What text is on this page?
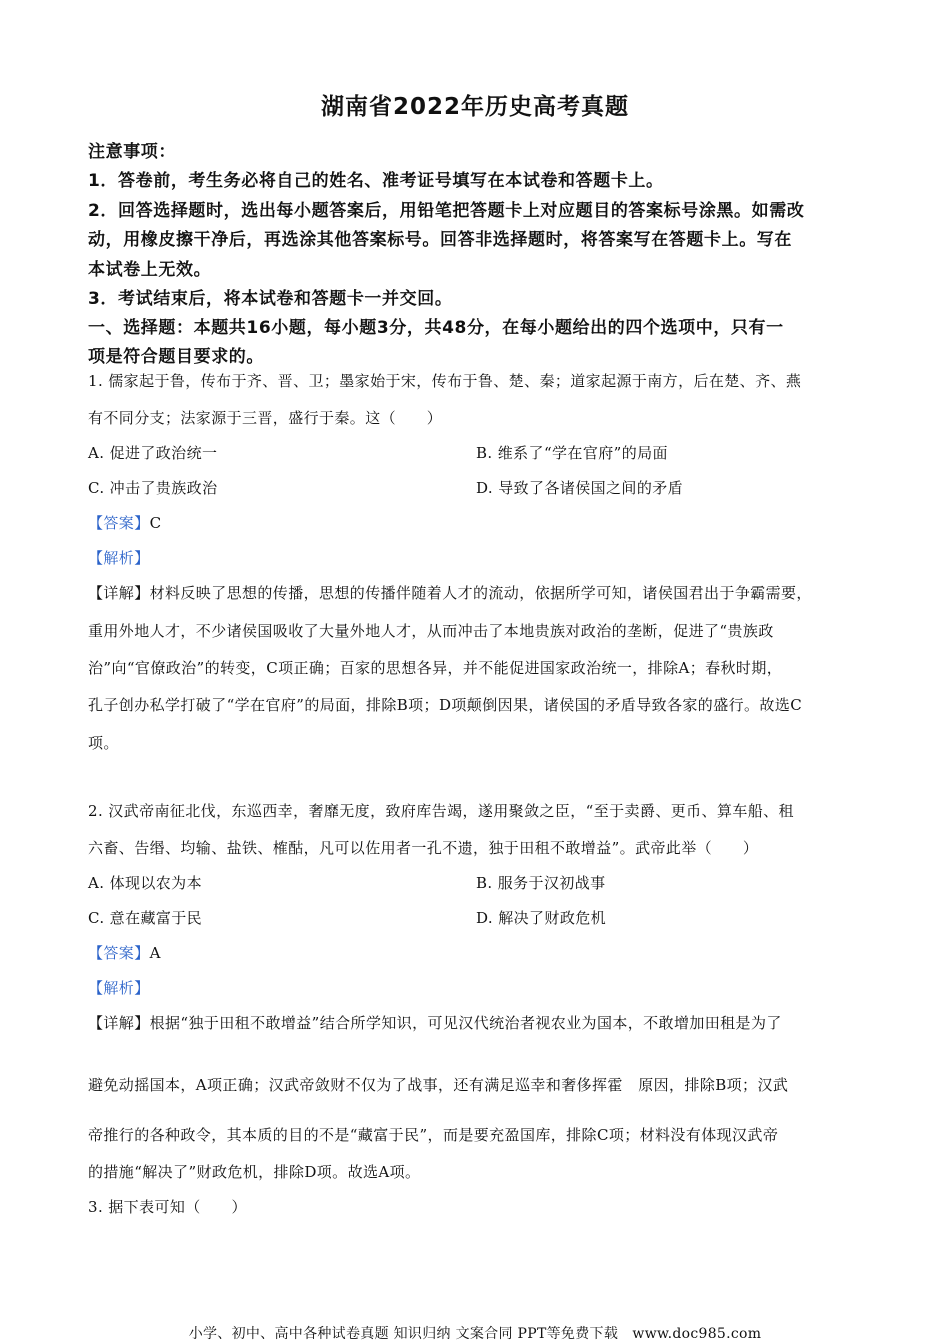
湖南省2022年历史高考真题
注意事项：
1．答卷前，考生务必将自己的姓名、准考证号填写在本试卷和答题卡上。
2．回答选择题时，选出每小题答案后，用铅笔把答题卡上对应题目的答案标号涂黑。如需改
动，用橡皮擦干净后，再选涂其他答案标号。回答非选择题时，将答案写在答题卡上。写在
本试卷上无效。
3．考试结束后，将本试卷和答题卡一并交回。
一、选择题：本题共16小题，每小题3分，共48分，在每小题给出的四个选项中，只有一
项是符合题目要求的。
1. 儒家起于鲁，传布于齐、晋、卫；墨家始于宋，传布于鲁、楚、秦；道家起源于南方，后在楚、齐、燕
有不同分支；法家源于三晋，盛行于秦。这（　　）
A. 促进了政治统一	B. 维系了“学在官府”的局面
C. 冲击了贵族政治	D. 导致了各诸侯国之间的矛盾
【答案】C
【解析】
【详解】材料反映了思想的传播，思想的传播伴随着人才的流动，依据所学可知，诸侯国君出于争霸需要，
重用外地人才，不少诸侯国吸收了大量外地人才，从而冲击了本地贵族对政治的垄断，促进了“贵族政
治”向“官僚政治”的转变，C项正确；百家的思想各异，并不能促进国家政治统一，排除A；春秋时期，
孔子创办私学打破了“学在官府”的局面，排除B项；D项颠倒因果，诸侯国的矛盾导致各家的盛行。故选C
项。
2. 汉武帝南征北伐，东巡西幸，奢靡无度，致府库告竭，遂用聚敛之臣，“至于卖爵、更币、算车船、租
六畜、告缗、均输、盐铁、榷酤，凡可以佐用者一孔不遗，独于田租不敢增益”。武帝此举（　　）
A. 体现以农为本	B. 服务于汉初战事
C. 意在藏富于民	D. 解决了财政危机
【答案】A
【解析】
【详解】根据“独于田租不敢增益”结合所学知识，可见汉代统治者视农业为国本，不敢增加田租是为了
避免动摇国本，A项正确；汉武帝敛财不仅为了战事，还有满足巡幸和奢侈挥霍　原因，排除B项；汉武
帝推行的各种政令，其本质的目的不是“藏富于民”，而是要充盈国库，排除C项；材料没有体现汉武帝
的措施“解决了”财政危机，排除D项。故选A项。
3. 据下表可知（　　）
小学、初中、高中各种试卷真题 知识归纳 文案合同 PPT等免费下载　www.doc985.com
